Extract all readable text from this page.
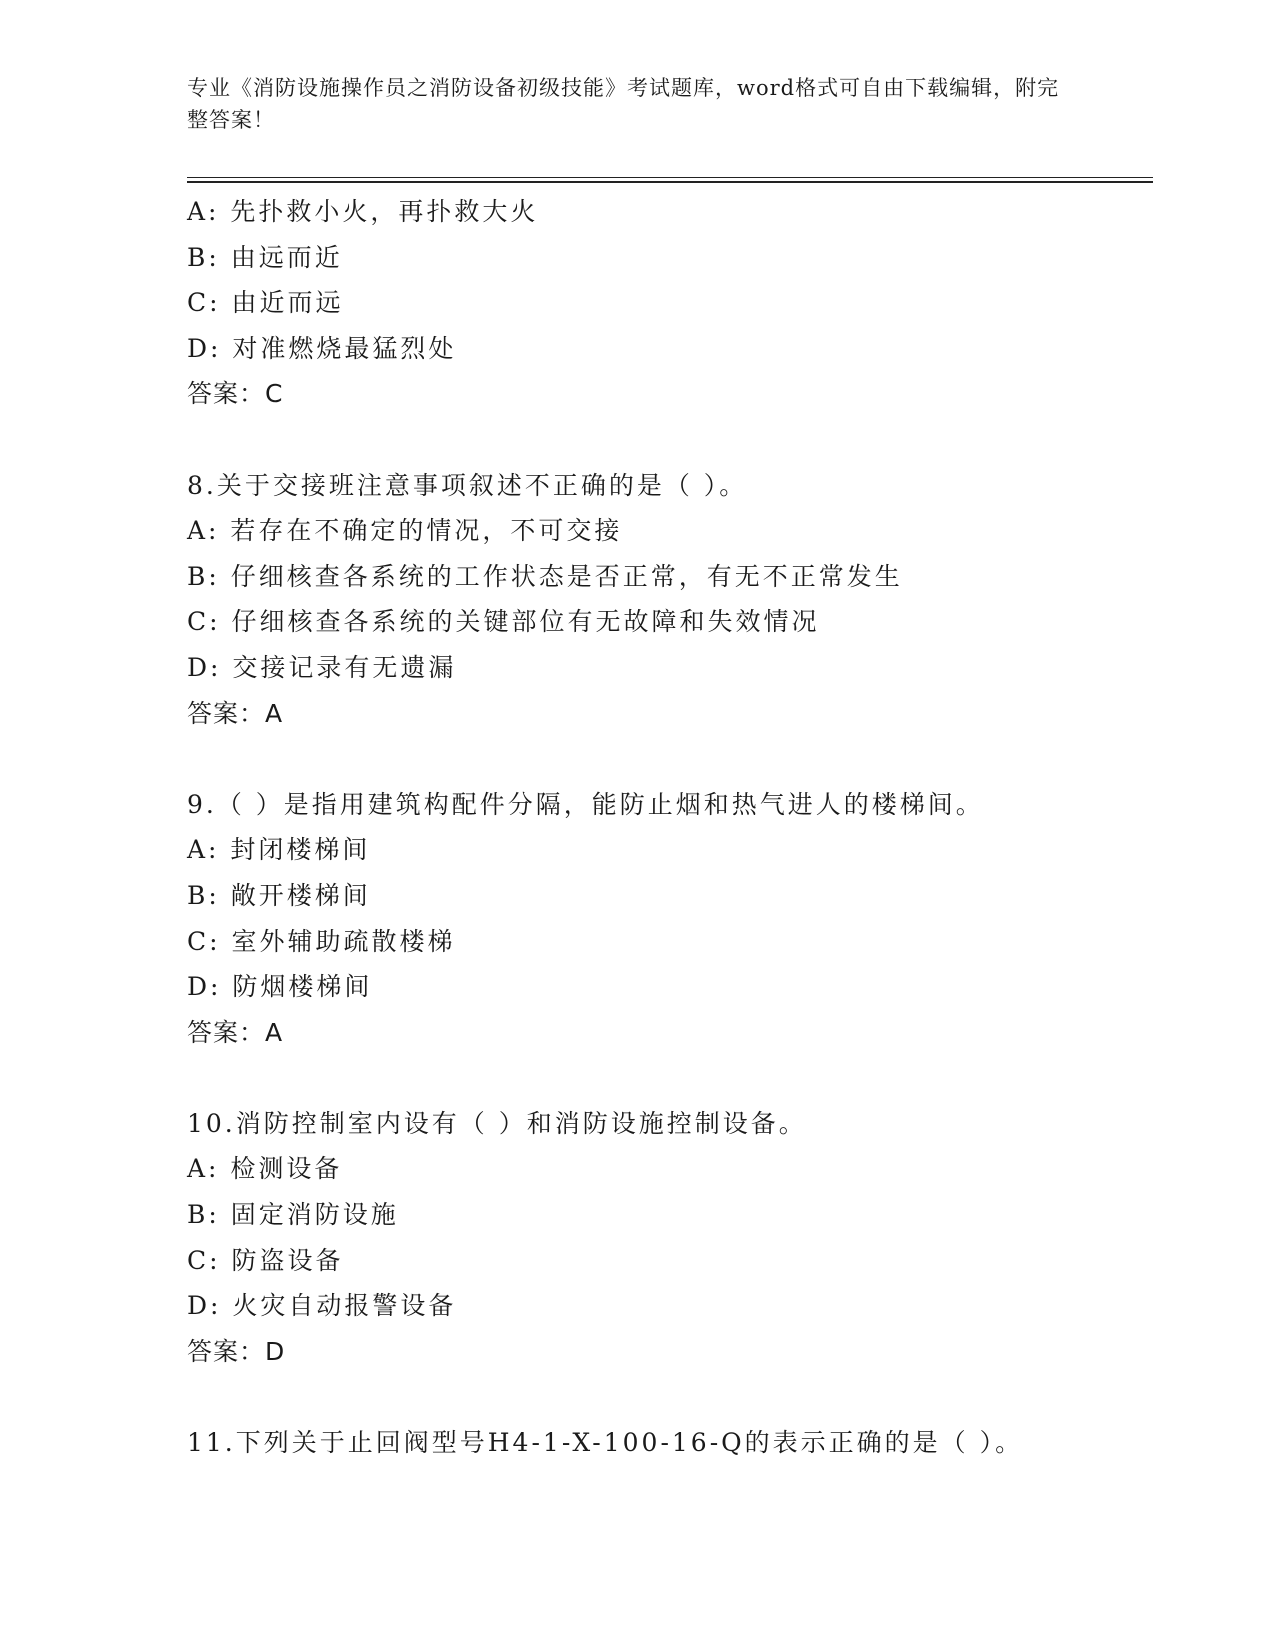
专业《消防设施操作员之消防设备初级技能》考试题库，word格式可自由下载编辑，附完整答案！
A: 先扑救小火，再扑救大火
B: 由远而近
C: 由近而远
D: 对准燃烧最猛烈处
答案：C
8.关于交接班注意事项叙述不正确的是（ ）。
A: 若存在不确定的情况，不可交接
B: 仔细核查各系统的工作状态是否正常，有无不正常发生
C: 仔细核查各系统的关键部位有无故障和失效情况
D: 交接记录有无遗漏
答案：A
9.（ ）是指用建筑构配件分隔，能防止烟和热气进人的楼梯间。
A: 封闭楼梯间
B: 敞开楼梯间
C: 室外辅助疏散楼梯
D: 防烟楼梯间
答案：A
10.消防控制室内设有（ ）和消防设施控制设备。
A: 检测设备
B: 固定消防设施
C: 防盗设备
D: 火灾自动报警设备
答案：D
11.下列关于止回阀型号H4-1-X-100-16-Q的表示正确的是（ ）。
